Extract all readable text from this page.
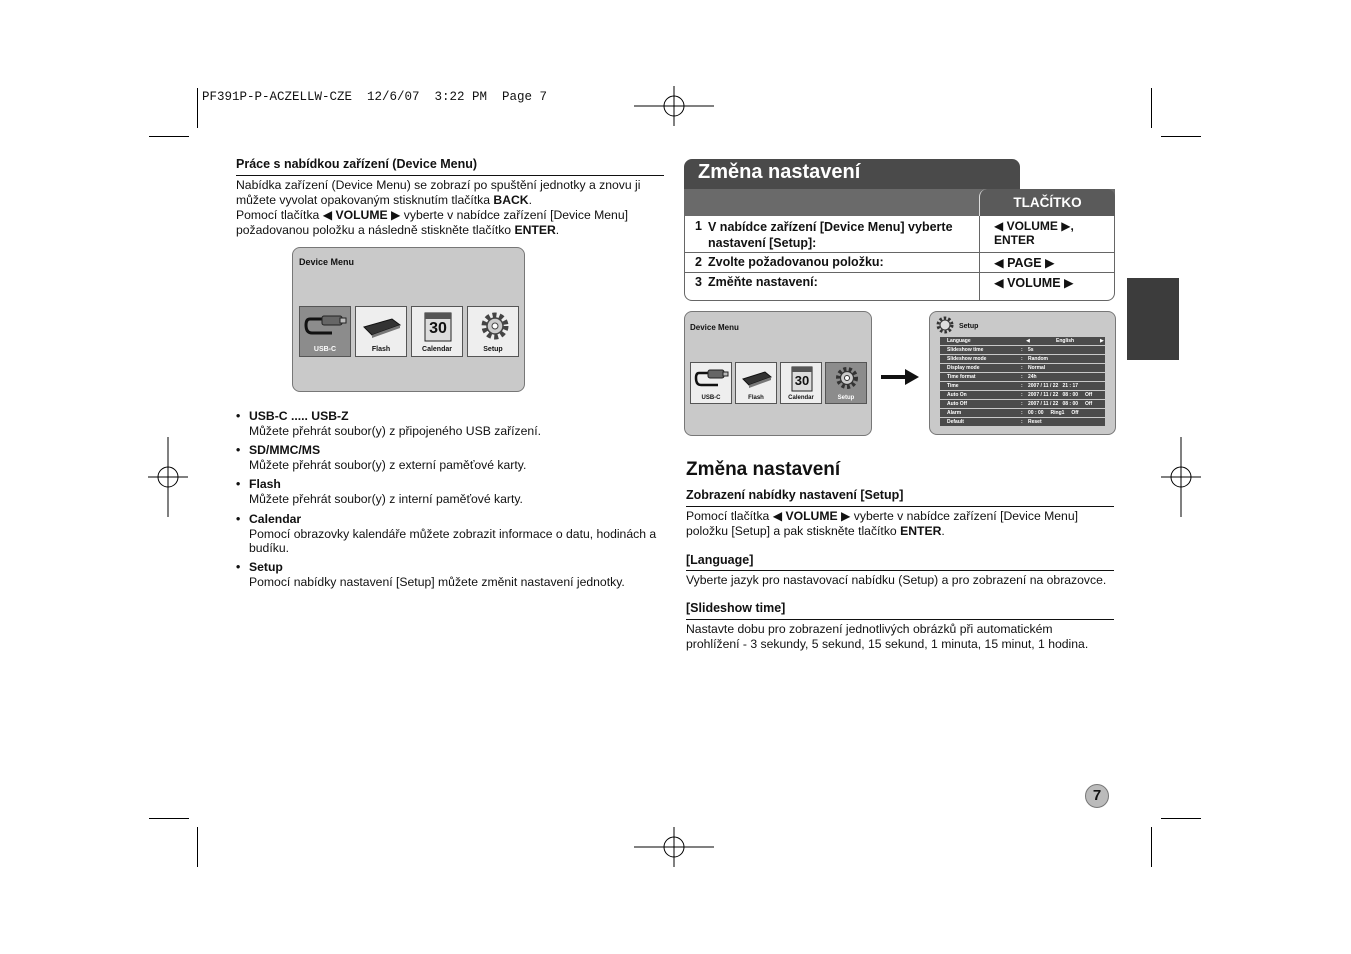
PF391P-P-ACZELLW-CZE  12/6/07  3:22 PM  Page 7
Práce s nabídkou zařízení (Device Menu)
Nabídka zařízení (Device Menu) se zobrazí po spuštění jednotky a znovu ji
můžete vyvolat opakovaným stisknutím tlačítka BACK.
Pomocí tlačítka ◀ VOLUME ▶ vyberte v nabídce zařízení [Device Menu]
požadovanou položku a následně stiskněte tlačítko ENTER.
Device Menu
USB-C	Flash
30
Calendar	Setup
• USB-C ..... USB-Z
Můžete přehrát soubor(y) z připojeného USB zařízení.
• SD/MMC/MS
Můžete přehrát soubor(y) z externí paměťové karty.
• Flash
Můžete přehrát soubor(y) z interní paměťové karty.
• Calendar
Pomocí obrazovky kalendáře můžete zobrazit informace o datu, hodinách a
budíku.
• Setup
Pomocí nabídky nastavení [Setup] můžete změnit nastavení jednotky.
Změna nastavení
TLAČÍTKO
1 V nabídce zařízení [Device Menu] vyberte
nastavení [Setup]:
◀ VOLUME ▶, ENTER
2 Zvolte požadovanou položku:	◀ PAGE ▶
3 Změňte nastavení:	◀ VOLUME ▶
Device Menu
USB-C	Flash
30
Calendar	Setup
Setup
Language	◀	English	▶
Slideshow time	: 5s
Slideshow mode	: Random
Display mode	: Normal
Time format	: 24h
Time	: 2007 / 11 / 22   21 : 17
Auto On	: 2007 / 11 / 22   08 : 00     Off
Auto Off	: 2007 / 11 / 22   08 : 00     Off
Alarm	: 00 : 00     Ring1     Off
Default	: Reset
Změna nastavení
Zobrazení nabídky nastavení [Setup]
Pomocí tlačítka ◀ VOLUME ▶ vyberte v nabídce zařízení [Device Menu]
položku [Setup] a pak stiskněte tlačítko ENTER.
[Language]
Vyberte jazyk pro nastavovací nabídku (Setup) a pro zobrazení na obrazovce.
[Slideshow time]
Nastavte dobu pro zobrazení jednotlivých obrázků při automatickém
prohlížení - 3 sekundy, 5 sekund, 15 sekund, 1 minuta, 15 minut, 1 hodina.
7
